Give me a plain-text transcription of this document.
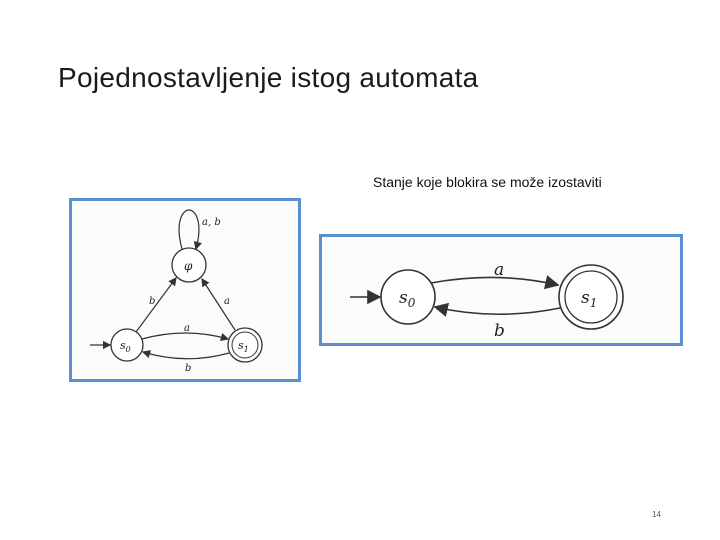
Pojednostavljenje istog automata
Stanje koje blokira se može izostaviti
φ
a, b
$s_0$	$s_1$
b	a
a
b
$s_0$	$s_1$
a
b
14
